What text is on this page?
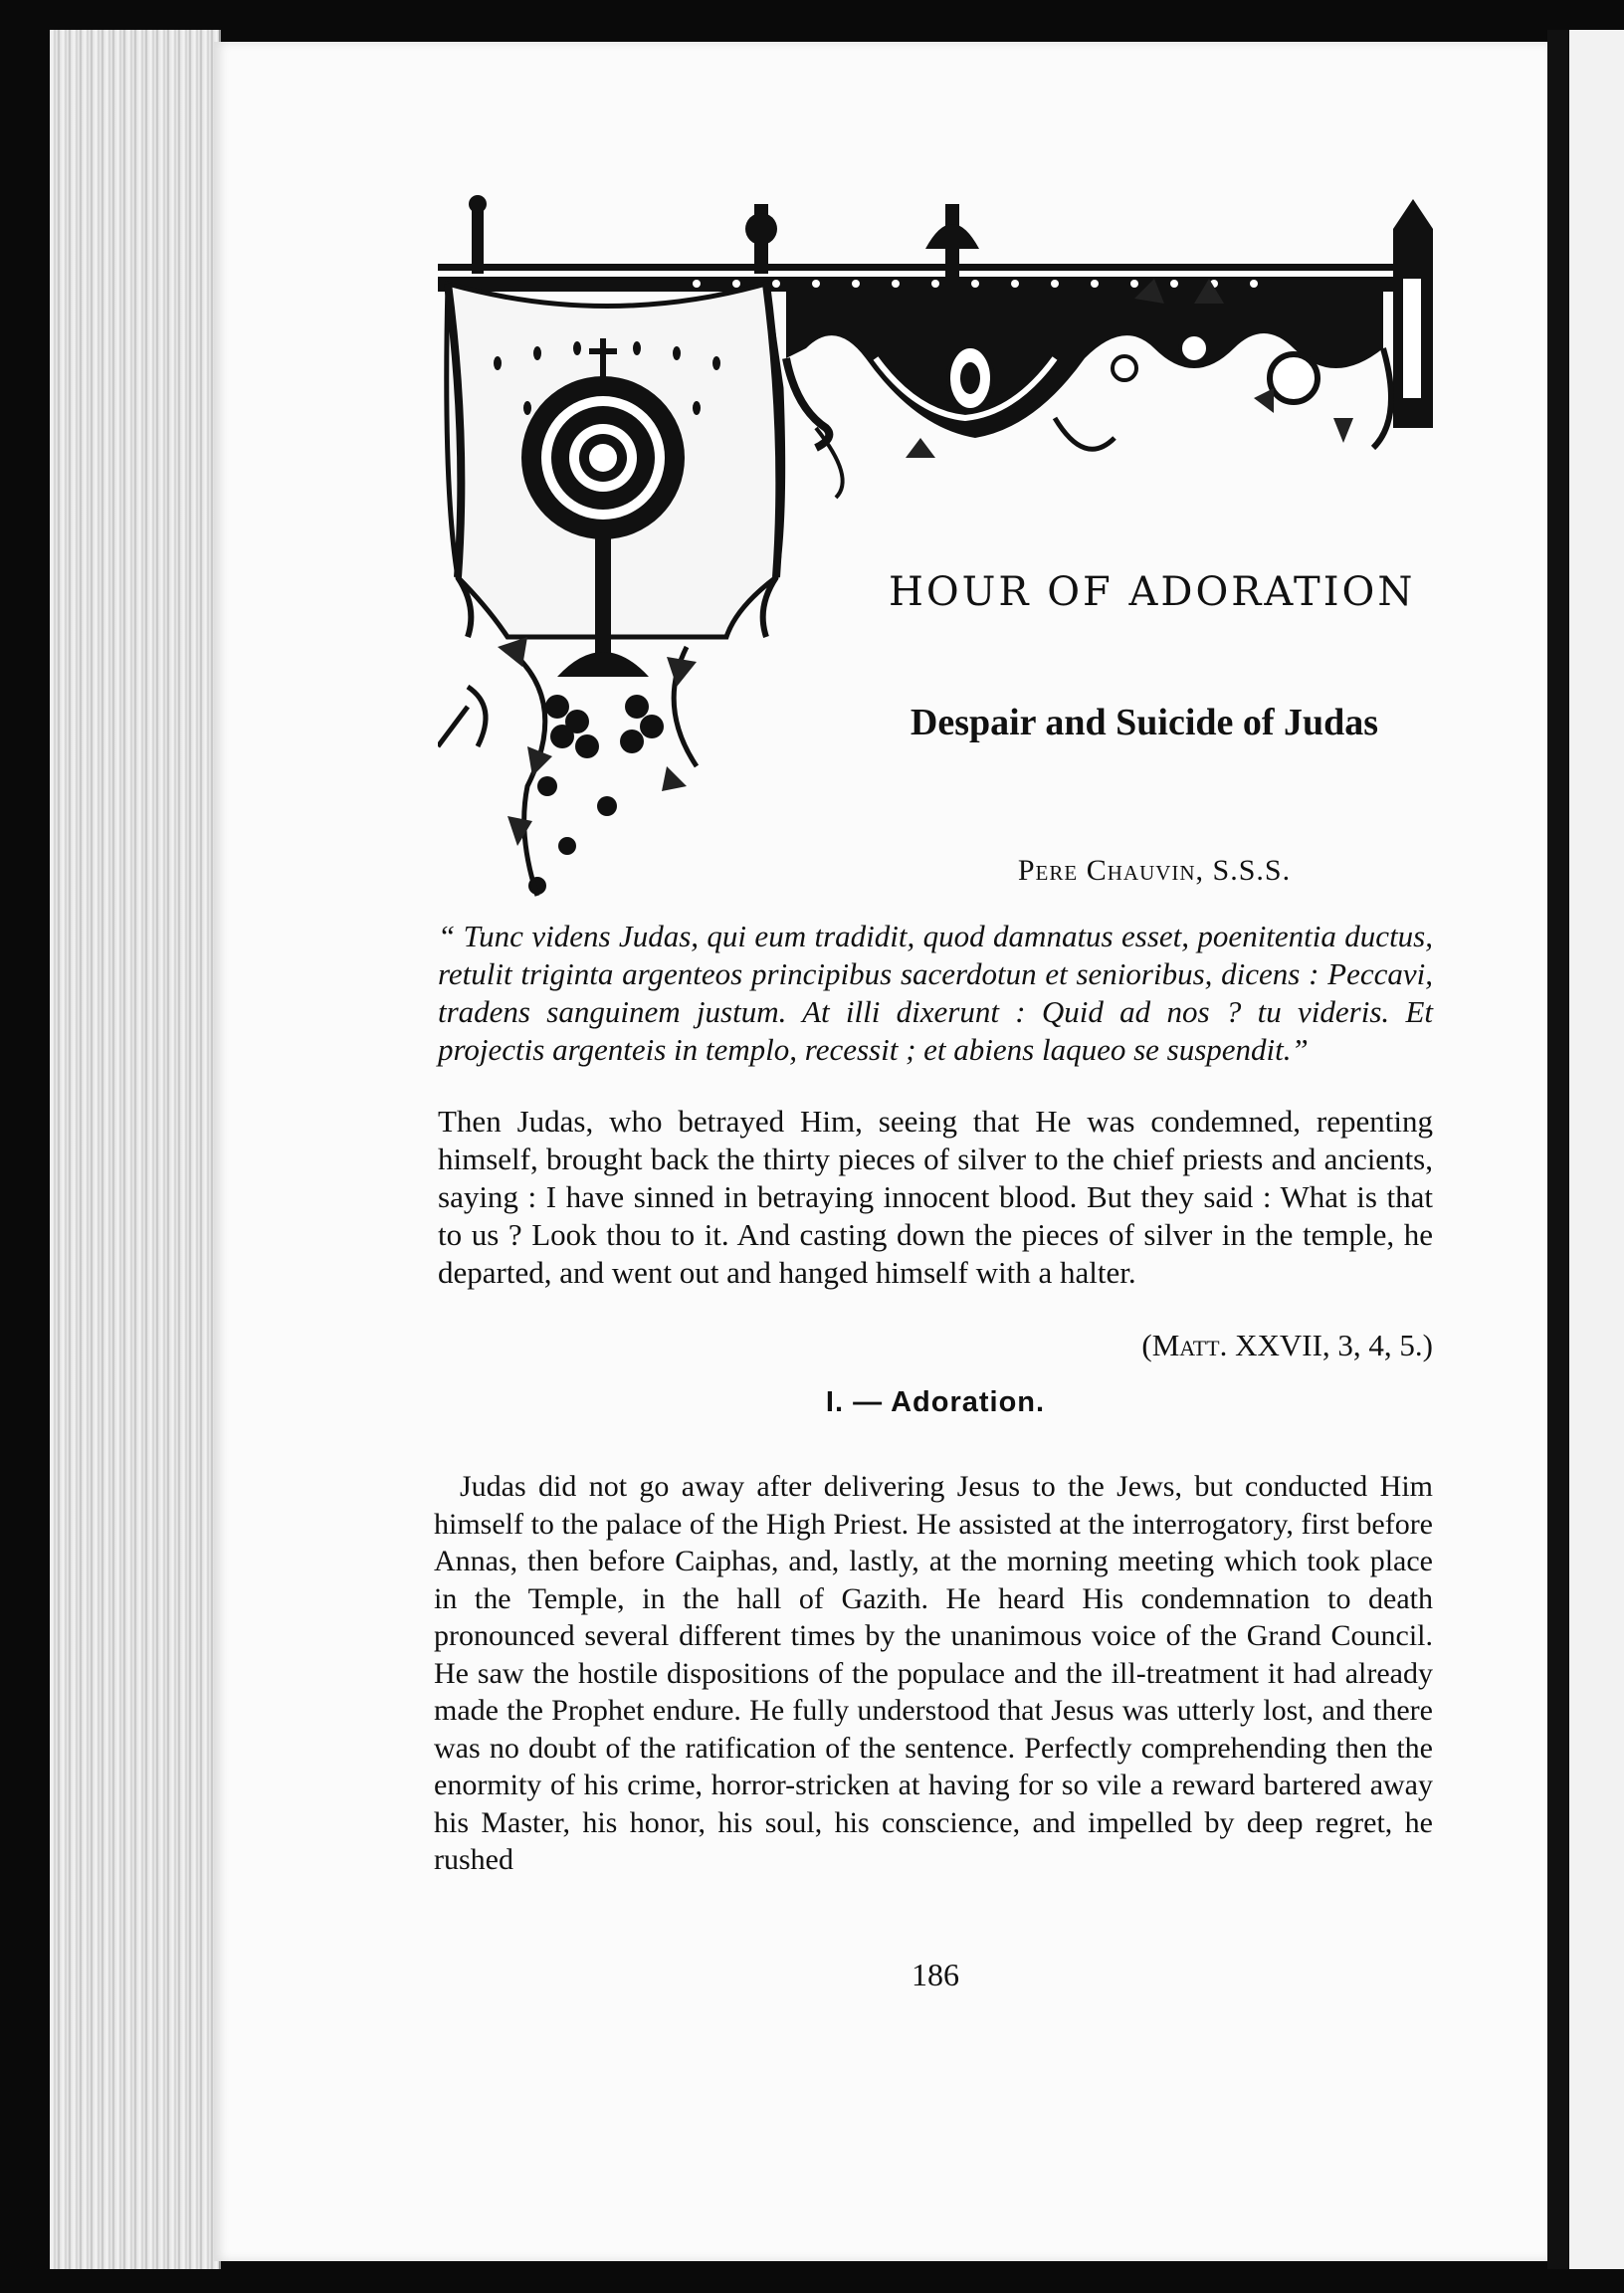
HOUR OF ADORATION
Despair and Suicide of Judas
Pere Chauvin, S.S.S.
“ Tunc videns Judas, qui eum tradidit, quod damnatus esset, poenitentia ductus, retulit triginta argenteos principibus sacerdotun et senioribus, dicens : Peccavi, tradens sanguinem justum. At illi dixerunt : Quid ad nos ? tu videris. Et projectis argenteis in templo, recessit ; et abiens laqueo se suspendit.”
Then Judas, who betrayed Him, seeing that He was condemned, repenting himself, brought back the thirty pieces of silver to the chief priests and ancients, saying : I have sinned in betraying innocent blood. But they said : What is that to us ? Look thou to it. And casting down the pieces of silver in the temple, he departed, and went out and hanged himself with a halter.
(Matt. XXVII, 3, 4, 5.)
I. — Adoration.
Judas did not go away after delivering Jesus to the Jews, but conducted Him himself to the palace of the High Priest. He assisted at the interrogatory, first before Annas, then before Caiphas, and, lastly, at the morning meeting which took place in the Temple, in the hall of Gazith. He heard His condemnation to death pronounced several different times by the unanimous voice of the Grand Council. He saw the hostile dispositions of the populace and the ill-treatment it had already made the Prophet endure. He fully understood that Jesus was utterly lost, and there was no doubt of the ratification of the sentence. Perfectly comprehending then the enormity of his crime, horror-stricken at having for so vile a reward bartered away his Master, his honor, his soul, his conscience, and impelled by deep regret, he rushed
186
